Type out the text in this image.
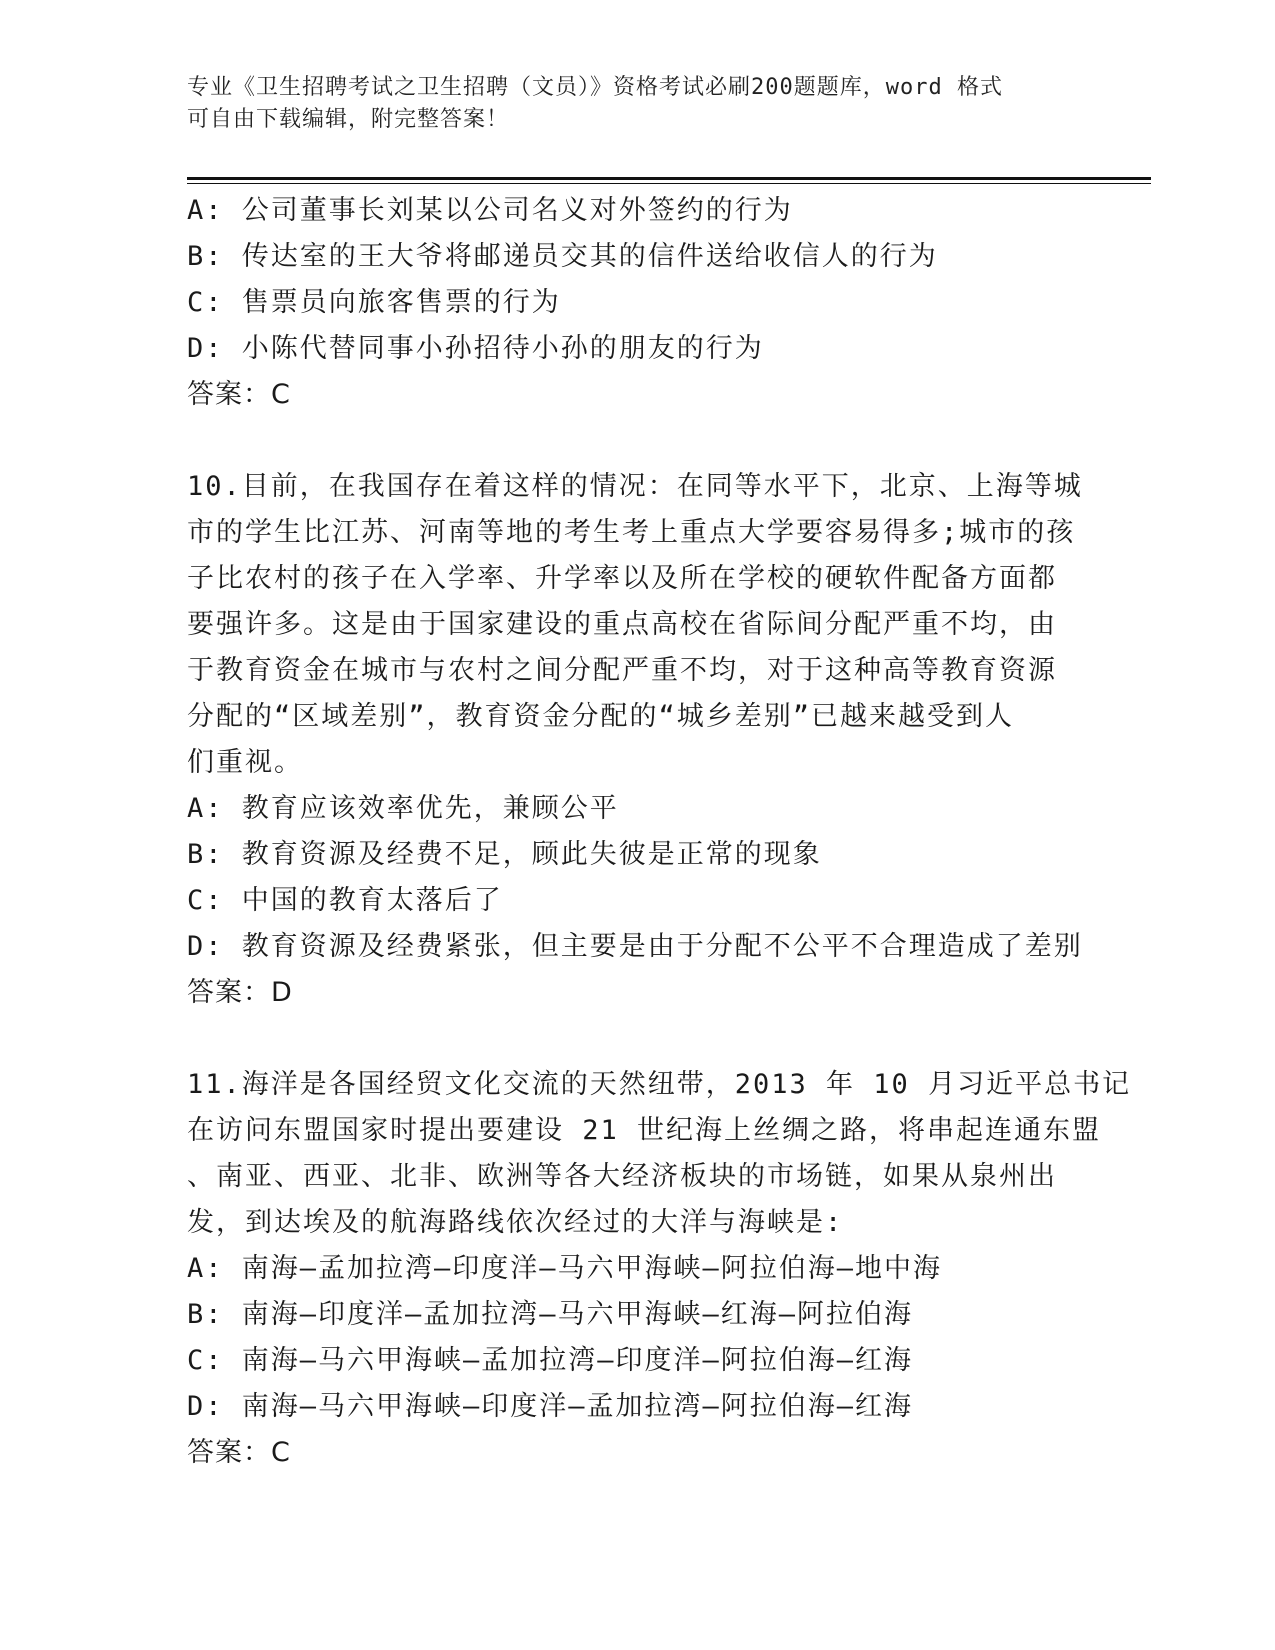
专业《卫生招聘考试之卫生招聘（文员）》资格考试必刷200题题库，word 格式
可自由下载编辑，附完整答案！

A: 公司董事长刘某以公司名义对外签约的行为

B: 传达室的王大爷将邮递员交其的信件送给收信人的行为

C: 售票员向旅客售票的行为

D: 小陈代替同事小孙招待小孙的朋友的行为

答案：C

10.目前，在我国存在着这样的情况：在同等水平下，北京、上海等城

市的学生比江苏、河南等地的考生考上重点大学要容易得多;城市的孩

子比农村的孩子在入学率、升学率以及所在学校的硬软件配备方面都

要强许多。这是由于国家建设的重点高校在省际间分配严重不均，由

于教育资金在城市与农村之间分配严重不均，对于这种高等教育资源

分配的“区域差别”，教育资金分配的“城乡差别”已越来越受到人

们重视。

A: 教育应该效率优先，兼顾公平

B: 教育资源及经费不足，顾此失彼是正常的现象

C: 中国的教育太落后了

D: 教育资源及经费紧张，但主要是由于分配不公平不合理造成了差别

答案：D

11.海洋是各国经贸文化交流的天然纽带，2013 年 10 月习近平总书记

在访问东盟国家时提出要建设 21 世纪海上丝绸之路，将串起连通东盟

、南亚、西亚、北非、欧洲等各大经济板块的市场链，如果从泉州出

发，到达埃及的航海路线依次经过的大洋与海峡是:

A: 南海—孟加拉湾—印度洋—马六甲海峡—阿拉伯海—地中海

B: 南海—印度洋—孟加拉湾—马六甲海峡—红海—阿拉伯海

C: 南海—马六甲海峡—孟加拉湾—印度洋—阿拉伯海—红海

D: 南海—马六甲海峡—印度洋—孟加拉湾—阿拉伯海—红海

答案：C
